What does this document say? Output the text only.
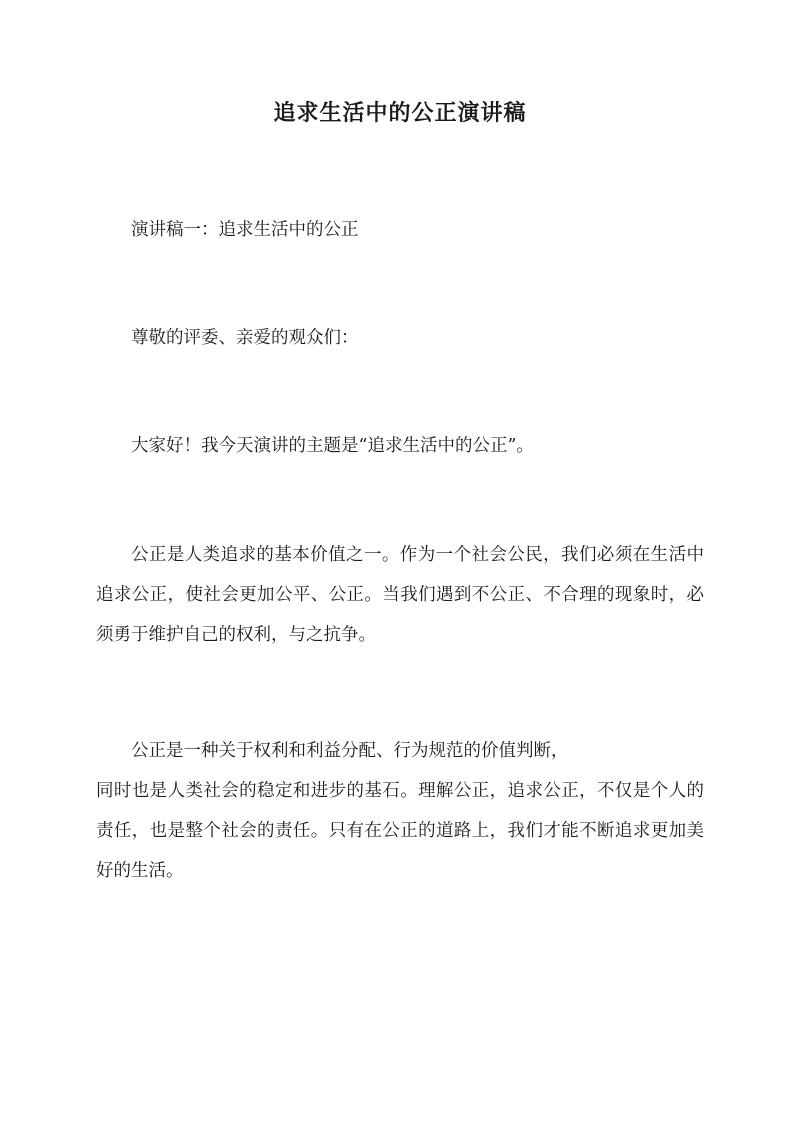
追求生活中的公正演讲稿

演讲稿一：追求生活中的公正

尊敬的评委、亲爱的观众们：

大家好！我今天演讲的主题是“追求生活中的公正”。

公正是人类追求的基本价值之一。作为一个社会公民，我们必须在生活中追求公正，使社会更加公平、公正。当我们遇到不公正、不合理的现象时，必须勇于维护自己的权利，与之抗争。

公正是一种关于权利和利益分配、行为规范的价值判断，

同时也是人类社会的稳定和进步的基石。理解公正，追求公正，不仅是个人的责任，也是整个社会的责任。只有在公正的道路上，我们才能不断追求更加美好的生活。
